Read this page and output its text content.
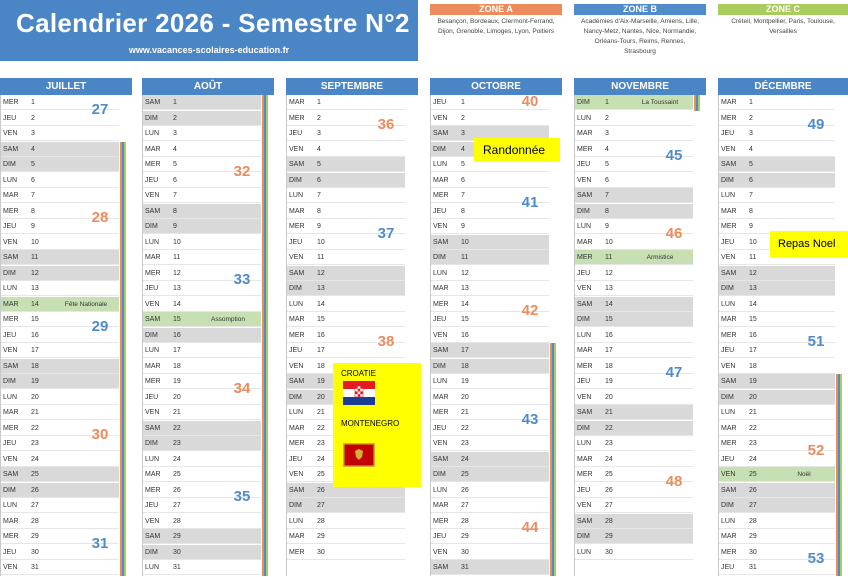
Calendrier 2026 - Semestre N°2
www.vacances-scolaires-education.fr
ZONE A
Besançon, Bordeaux, Clermont-Ferrand, Dijon, Grenoble, Limoges, Lyon, Poitiers
ZONE B
Académies d'Aix-Marseille, Amiens, Lille, Nancy-Metz, Nantes, Nice, Normandie, Orléans-Tours, Reims, Rennes, Strasbourg
ZONE C
Créteil, Montpellier, Paris, Toulouse, Versailles
JUILLET
MER	1
JEU	2
VEN	3
SAM	4
DIM	5
LUN	6
MAR	7
MER	8
JEU	9
VEN	10
SAM	11
DIM	12
LUN	13
MAR	14	Fête Nationale
MER	15
JEU	16
VEN	17
SAM	18
DIM	19
LUN	20
MAR	21
MER	22
JEU	23
VEN	24
SAM	25
DIM	26
LUN	27
MAR	28
MER	29
JEU	30
VEN	31
27
28
29
30
31
AOÛT
SAM	1
DIM	2
LUN	3
MAR	4
MER	5
JEU	6
VEN	7
SAM	8
DIM	9
LUN	10
MAR	11
MER	12
JEU	13
VEN	14
SAM	15	Assomption
DIM	16
LUN	17
MAR	18
MER	19
JEU	20
VEN	21
SAM	22
DIM	23
LUN	24
MAR	25
MER	26
JEU	27
VEN	28
SAM	29
DIM	30
LUN	31
32
33
34
35
SEPTEMBRE
MAR	1
MER	2
JEU	3
VEN	4
SAM	5
DIM	6
LUN	7
MAR	8
MER	9
JEU	10
VEN	11
SAM	12
DIM	13
LUN	14
MAR	15
MER	16
JEU	17
VEN	18
SAM	19
DIM	20
LUN	21
MAR	22
MER	23
JEU	24
VEN	25
SAM	26
DIM	27
LUN	28
MAR	29
MER	30
36
37
38
OCTOBRE
JEU	1
VEN	2
SAM	3
DIM	4
LUN	5
MAR	6
MER	7
JEU	8
VEN	9
SAM	10
DIM	11
LUN	12
MAR	13
MER	14
JEU	15
VEN	16
SAM	17
DIM	18
LUN	19
MAR	20
MER	21
JEU	22
VEN	23
SAM	24
DIM	25
LUN	26
MAR	27
MER	28
JEU	29
VEN	30
SAM	31
40
41
42
43
44
NOVEMBRE
DIM	1	La Toussaint
LUN	2
MAR	3
MER	4
JEU	5
VEN	6
SAM	7
DIM	8
LUN	9
MAR	10
MER	11	Armistice
JEU	12
VEN	13
SAM	14
DIM	15
LUN	16
MAR	17
MER	18
JEU	19
VEN	20
SAM	21
DIM	22
LUN	23
MAR	24
MER	25
JEU	26
VEN	27
SAM	28
DIM	29
LUN	30
45
46
47
48
DÉCEMBRE
MAR	1
MER	2
JEU	3
VEN	4
SAM	5
DIM	6
LUN	7
MAR	8
MER	9
JEU	10
VEN	11
SAM	12
DIM	13
LUN	14
MAR	15
MER	16
JEU	17
VEN	18
SAM	19
DIM	20
LUN	21
MAR	22
MER	23
JEU	24
VEN	25	Noël
SAM	26
DIM	27
LUN	28
MAR	29
MER	30
JEU	31
49
51
52
53
Randonnée
Repas Noel
CROATIE
MONTENEGRO
